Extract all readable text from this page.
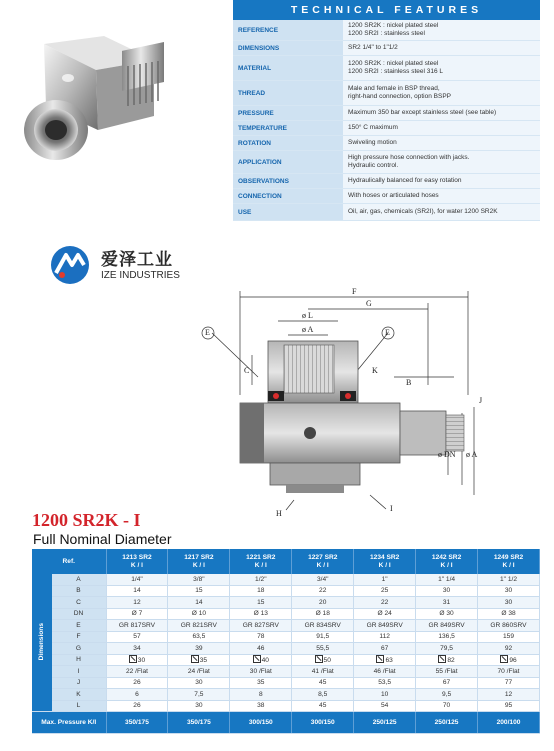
TECHNICAL FEATURES
REFERENCE
1200 SR2K : nickel plated steel
1200 SR2I : stainless steel
DIMENSIONS	SR2 1/4" to 1"1/2
MATERIAL
1200 SR2K : nickel plated steel
1200 SR2I : stainless steel 316 L
THREAD
Male and female in BSP thread,
right-hand connection, option BSPP
PRESSURE	Maximum 350 bar except stainless steel (see table)
TEMPERATURE	150° C maximum
ROTATION	Swiveling motion
APPLICATION
High pressure hose connection with jacks.
Hydraulic control.
OBSERVATIONS	Hydraulically balanced for easy rotation
CONNECTION	With hoses or articulated hoses
USE	Oil, air, gas, chemicals (SR2I), for water 1200 SR2K
爱泽工业
IZE INDUSTRIES
F
G
ø L
ø A
E	E
C	K
B
J
ø DN ø A
H
I
1200 SR2K - I
Full Nominal Diameter
Ref.		1213 SR2
K / I	1217 SR2
K / I	1221 SR2
K / I	1227 SR2
K / I	1234 SR2
K / I	1242 SR2
K / I	1249 SR2
K / I
Dimensions	A	1/4"	3/8"	1/2"	3/4"	1"	1" 1/4	1" 1/2
	B	14	15	18	22	25	30	30
	C	12	14	15	20	22	31	30
	DN	Ø 7	Ø 10	Ø 13	Ø 18	Ø 24	Ø 30	Ø 38
	E	GR 817SRV	GR 821SRV	GR 827SRV	GR 834SRV	GR 849SRV	GR 849SRV	GR 860SRV
	F	57	63,5	78	91,5	112	136,5	159
	G	34	39	46	55,5	67	79,5	92
	H	30	35	40	50	63	82	96
	I	22 /Flat	24 /Flat	30 /Flat	41 /Flat	46 /Flat	55 /Flat	70 /Flat
	J	26	30	35	45	53,5	67	77
	K	6	7,5	8	8,5	10	9,5	12
	L	26	30	38	45	54	70	95
Max. Pressure K/I		350/175	350/175	300/150	300/150	250/125	250/125	200/100
